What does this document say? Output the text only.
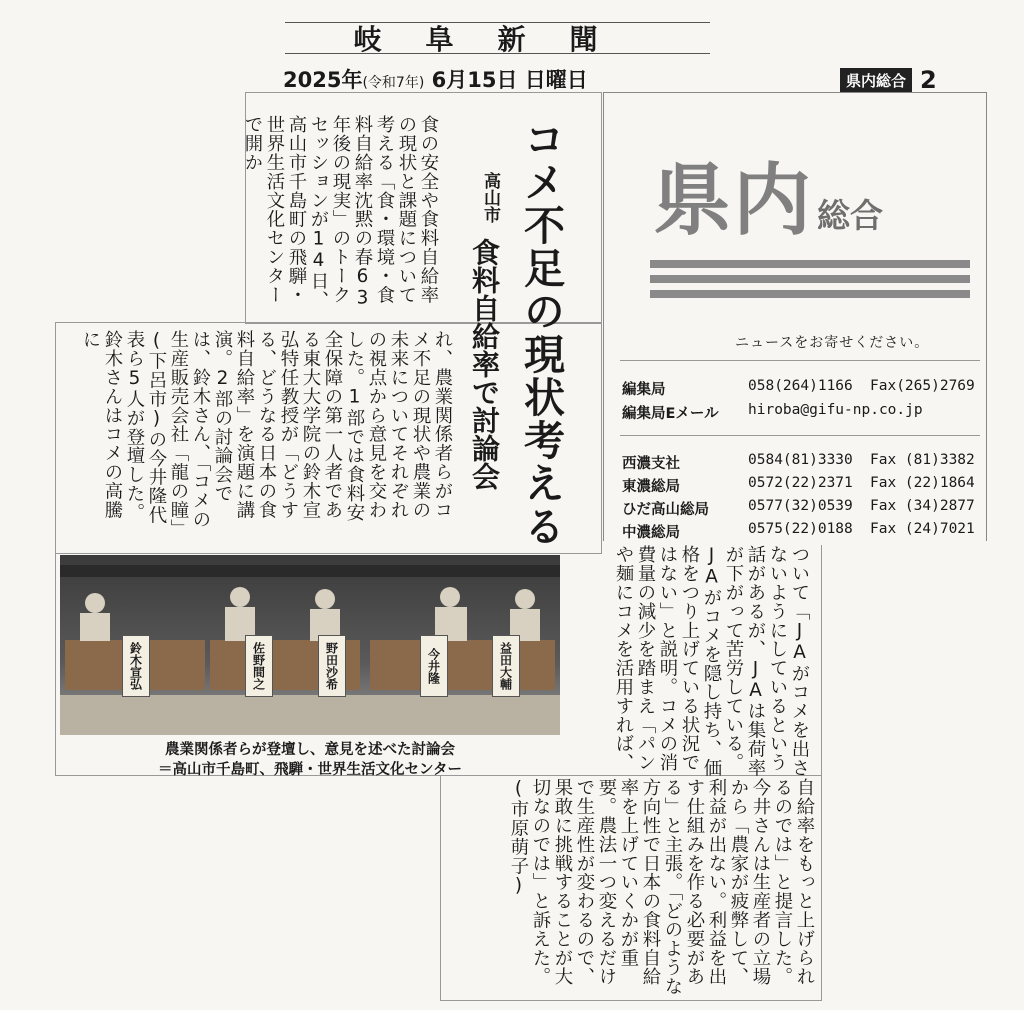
岐阜新聞
2025年(令和7年) 6月15日 日曜日	県内総合 2
コメ不足の現状考える
高山市
食料自給率で討論会
食の安全や食料自給率の現状と課題について考える「食・環境・食料自給率沈黙の春63年後の現実」のトークセッションが14日、高山市千島町の飛騨・世界生活文化センターで開か
れ、農業関係者らがコメ不足の現状や農業の未来についてそれぞれの視点から意見を交わした。1部では食料安全保障の第一人者である東大大学院の鈴木宣弘特任教授が「どうする、どうなる日本の食料自給率」を演題に講演。2部の討論会では、鈴木さん、「コメの生産販売会社「龍の瞳」(下呂市)の今井隆代表ら5人が登壇した。鈴木さんはコメの高騰に
ついて「JAがコメを出さないようにしているという話があるが、JAは集荷率が下がって苦労している。JAがコメを隠し持ち、価格をつり上げている状況ではない」と説明。コメの消費量の減少を踏まえ「パンや麺にコメを活用すれば、
自給率をもっと上げられるのでは」と提言した。今井さんは生産者の立場から「農家が疲弊して、利益が出ない。利益を出す仕組みを作る必要がある」と主張。「どのような方向性で日本の食料自給率を上げていくかが重要。農法一つ変えるだけで生産性が変わるので、果敢に挑戦することが大切なのでは」と訴えた。(市原萌子)
県内 総合
ニュースをお寄せください。
編集局	058(264)1166	Fax(265)2769
編集局Eメール	hiroba@gifu-np.co.jp
西濃支社	0584(81)3330	Fax (81)3382
東濃総局	0572(22)2371	Fax (22)1864
ひだ高山総局	0577(32)0539	Fax (34)2877
中濃総局	0575(22)0188	Fax (24)7021
鈴木宣弘	佐野間之	野田沙希	今井隆	益田大輔
農業関係者らが登壇し、意見を述べた討論会
＝高山市千島町、飛騨・世界生活文化センター
